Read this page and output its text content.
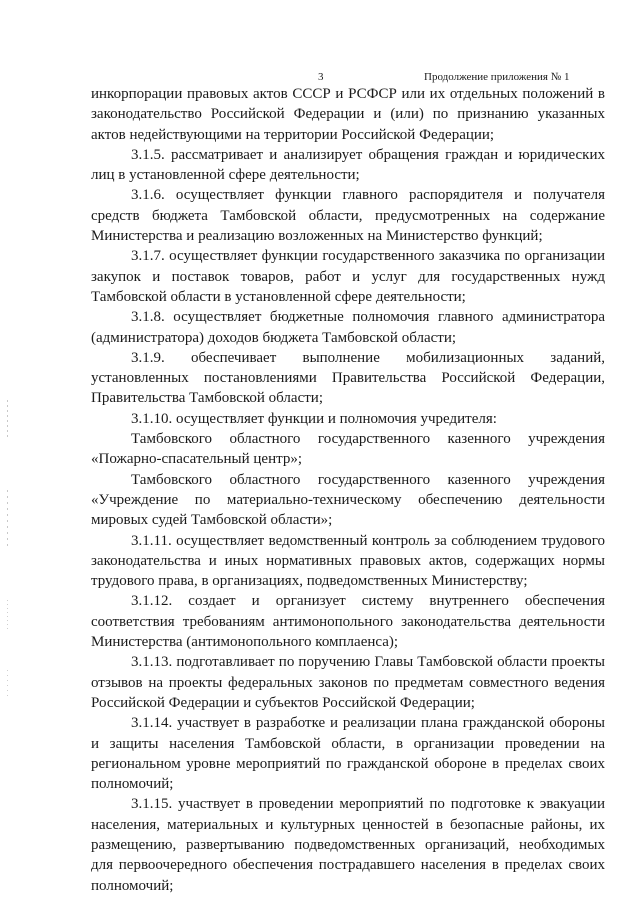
3	Продолжение приложения № 1

инкорпорации правовых актов СССР и РСФСР или их отдельных положений в законодательство Российской Федерации и (или) по признанию указанных актов недействующими на территории Российской Федерации;

3.1.5. рассматривает и анализирует обращения граждан и юридических лиц в установленной сфере деятельности;

3.1.6. осуществляет функции главного распорядителя и получателя средств бюджета Тамбовской области, предусмотренных на содержание Министерства и реализацию возложенных на Министерство функций;

3.1.7. осуществляет функции государственного заказчика по организации закупок и поставок товаров, работ и услуг для государственных нужд Тамбовской области в установленной сфере деятельности;

3.1.8. осуществляет бюджетные полномочия главного администратора (администратора) доходов бюджета Тамбовской области;

3.1.9. обеспечивает выполнение мобилизационных заданий, установленных постановлениями Правительства Российской Федерации, Правительства Тамбовской области;

3.1.10. осуществляет функции и полномочия учредителя:

Тамбовского областного государственного казенного учреждения «Пожарно-спасательный центр»;

Тамбовского областного государственного казенного учреждения «Учреждение по материально-техническому обеспечению деятельности мировых судей Тамбовской области»;

3.1.11. осуществляет ведомственный контроль за соблюдением трудового законодательства и иных нормативных правовых актов, содержащих нормы трудового права, в организациях, подведомственных Министерству;

3.1.12. создает и организует систему внутреннего обеспечения соответствия требованиям антимонопольного законодательства деятельности Министерства (антимонопольного комплаенса);

3.1.13. подготавливает по поручению Главы Тамбовской области проекты отзывов на проекты федеральных законов по предметам совместного ведения Российской Федерации и субъектов Российской Федерации;

3.1.14. участвует в разработке и реализации плана гражданской обороны и защиты населения Тамбовской области, в организации проведении на региональном уровне мероприятий по гражданской обороне в пределах своих полномочий;

3.1.15. участвует в проведении мероприятий по подготовке к эвакуации населения, материальных и культурных ценностей в безопасные районы, их размещению, развертыванию подведомственных организаций, необходимых для первоочередного обеспечения пострадавшего населения в пределах своих полномочий;
